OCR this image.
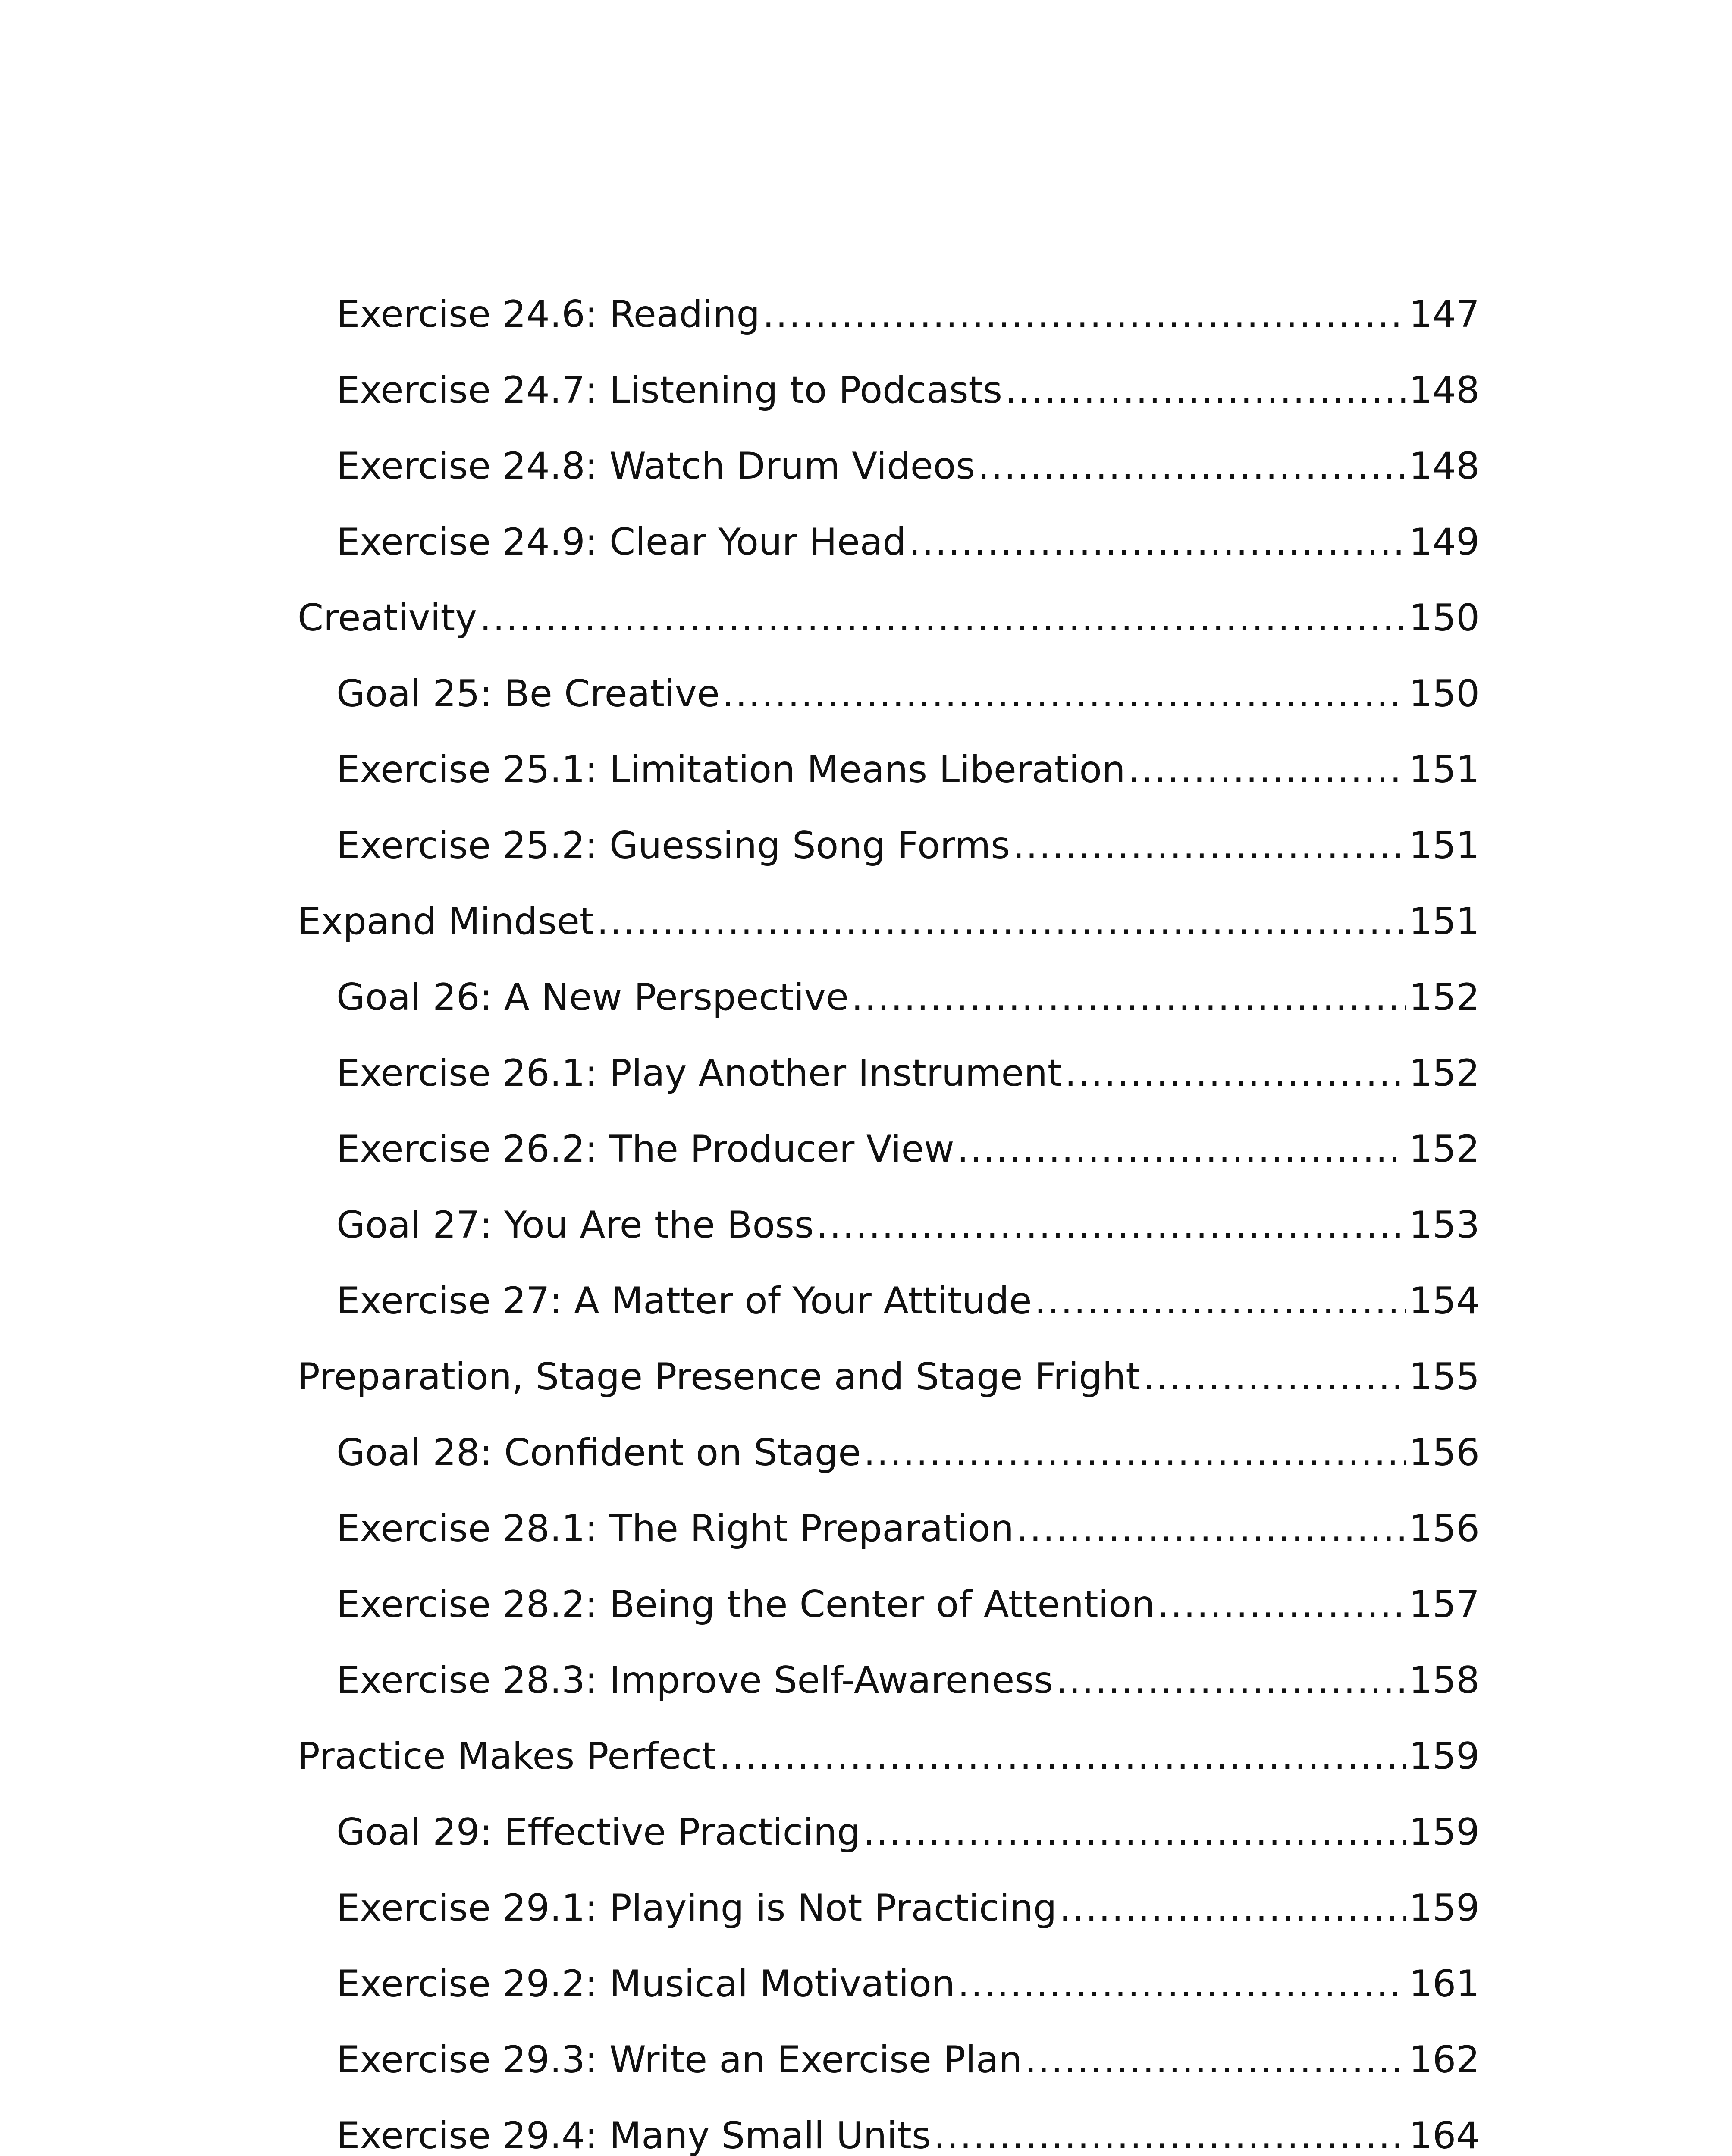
Exercise 24.6: Reading .....	147
Exercise 24.7: Listening to Podcasts .....	148
Exercise 24.8: Watch Drum Videos .....	148
Exercise 24.9: Clear Your Head .....	149
Creativity .....	150
Goal 25: Be Creative .....	150
Exercise 25.1: Limitation Means Liberation .....	151
Exercise 25.2: Guessing Song Forms .....	151
Expand Mindset .....	151
Goal 26: A New Perspective .....	152
Exercise 26.1: Play Another Instrument .....	152
Exercise 26.2: The Producer View .....	152
Goal 27: You Are the Boss .....	153
Exercise 27: A Matter of Your Attitude .....	154
Preparation, Stage Presence and Stage Fright .....	155
Goal 28: Confident on Stage .....	156
Exercise 28.1: The Right Preparation .....	156
Exercise 28.2: Being the Center of Attention .....	157
Exercise 28.3: Improve Self-Awareness .....	158
Practice Makes Perfect .....	159
Goal 29: Effective Practicing .....	159
Exercise 29.1: Playing is Not Practicing .....	159
Exercise 29.2: Musical Motivation .....	161
Exercise 29.3: Write an Exercise Plan .....	162
Exercise 29.4: Many Small Units .....	164
